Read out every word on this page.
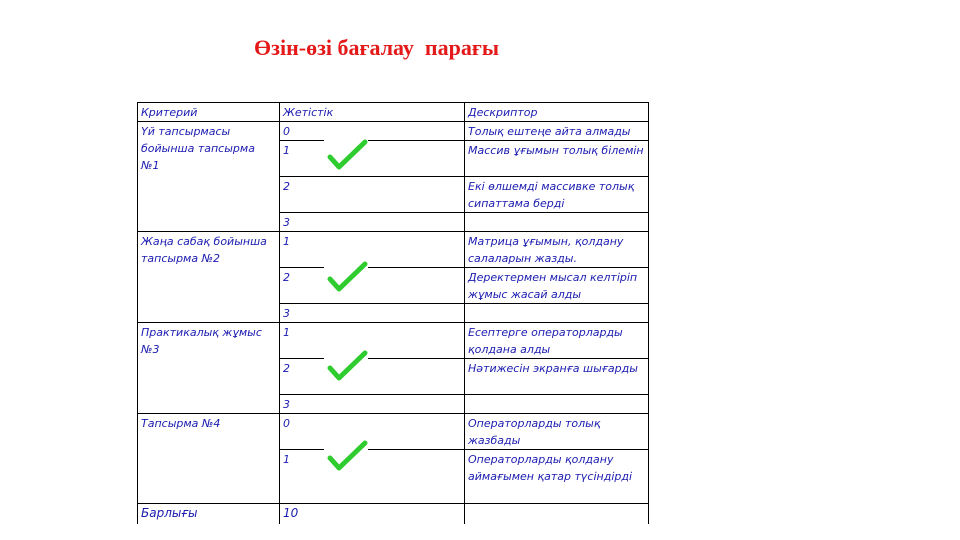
Өзін-өзі бағалау  парағы
Критерий	Жетістік	Дескриптор
Үй тапсырмасы бойынша тапсырма №1	0	Толық ештеңе айта алмады
	1	Массив ұғымын толық білемін
	2	Екі өлшемді массивке толық сипаттама берді
	3	
Жаңа сабақ бойынша тапсырма №2	1	Матрица ұғымын, қолдану салаларын жазды.
	2	Деректермен мысал келтіріп жұмыс жасай алды
	3	
Практикалық жұмыс №3	1	Есептерге операторларды қолдана алды
	2	Нәтижесін экранға шығарды
	3	
Тапсырма №4	0	Операторларды толық жазбады
	1	Операторларды қолдану аймағымен қатар түсіндірді
Барлығы	10	
